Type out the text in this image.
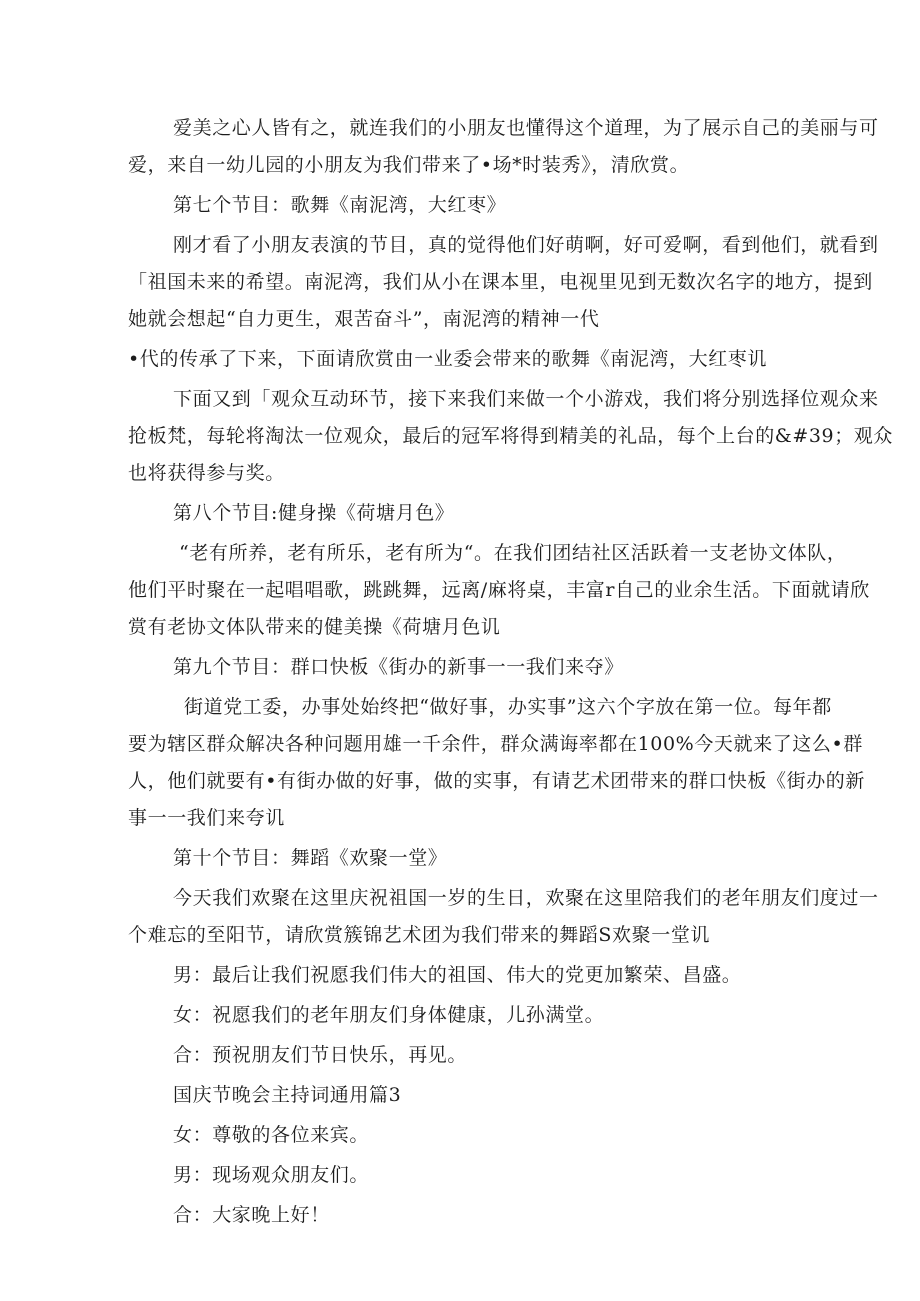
爱美之心人皆有之，就连我们的小朋友也懂得这个道理，为了展示自己的美丽与可
爱，来自一幼儿园的小朋友为我们带来了•场*时装秀》，清欣赏。
第七个节目：歌舞《南泥湾，大红枣》
刚才看了小朋友表演的节目，真的觉得他们好萌啊，好可爱啊，看到他们，就看到
「祖国未来的希望。南泥湾，我们从小在课本里，电视里见到无数次名字的地方，提到
她就会想起“自力更生，艰苦奋斗”，南泥湾的精神一代
•代的传承了下来，下面请欣赏由一业委会带来的歌舞《南泥湾，大红枣讥
下面又到「观众互动环节，接下来我们来做一个小游戏，我们将分别选择位观众来
抢板梵，每轮将淘汰一位观众，最后的冠军将得到精美的礼品，每个上台的&#39；观众
也将获得参与奖。
第八个节目:健身操《荷塘月色》
“老有所养，老有所乐，老有所为“。在我们团结社区活跃着一支老协文体队，
他们平时聚在一起唱唱歌，跳跳舞，远离/麻将桌，丰富r自己的业余生活。下面就请欣
赏有老协文体队带来的健美操《荷塘月色讥
第九个节目：群口快板《街办的新事一一我们来夺》
街道党工委，办事处始终把“做好事，办实事”这六个字放在第一位。每年都
要为辖区群众解决各种问题用雄一千余件，群众满诲率都在100%今天就来了这么•群
人，他们就要有•有街办做的好事，做的实事，有请艺术团带来的群口快板《街办的新
事一一我们来夸讥
第十个节目：舞蹈《欢聚一堂》
今天我们欢聚在这里庆祝祖国一岁的生日，欢聚在这里陪我们的老年朋友们度过一
个难忘的至阳节，请欣赏簇锦艺术团为我们带来的舞蹈S欢聚一堂讥
男：最后让我们祝愿我们伟大的祖国、伟大的党更加繁荣、昌盛。
女：祝愿我们的老年朋友们身体健康，儿孙满堂。
合：预祝朋友们节日快乐，再见。
国庆节晚会主持词通用篇3
女：尊敬的各位来宾。
男：现场观众朋友们。
合：大家晚上好！
